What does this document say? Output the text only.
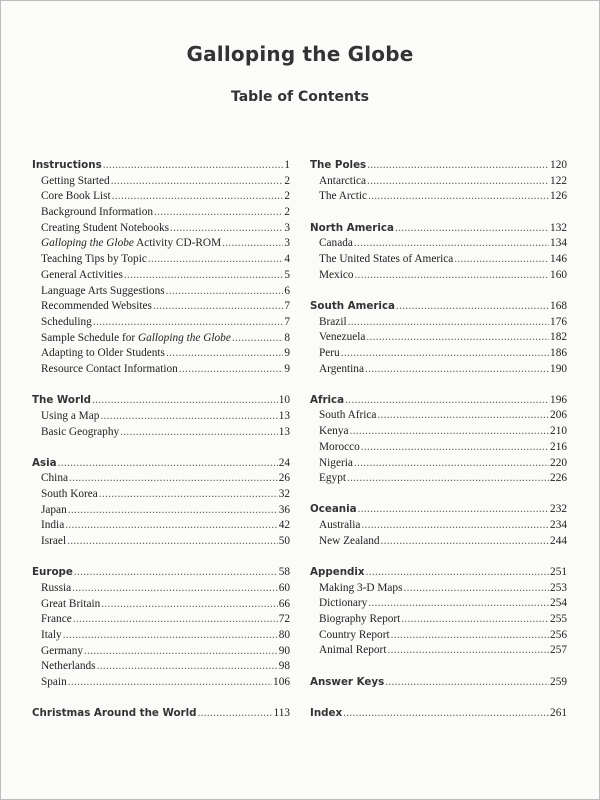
Galloping the Globe
Table of Contents
Instructions .....	1
Getting Started .....	2
Core Book List .....	2
Background Information .....	2
Creating Student Notebooks .....	3
Galloping the Globe Activity CD-ROM .....	3
Teaching Tips by Topic .....	4
General Activities .....	5
Language Arts Suggestions .....	6
Recommended Websites .....	7
Scheduling .....	7
Sample Schedule for Galloping the Globe .....	8
Adapting to Older Students .....	9
Resource Contact Information .....	9
The World .....	10
Using a Map .....	13
Basic Geography .....	13
Asia .....	24
China .....	26
South Korea .....	32
Japan .....	36
India .....	42
Israel .....	50
Europe .....	58
Russia .....	60
Great Britain .....	66
France .....	72
Italy .....	80
Germany .....	90
Netherlands .....	98
Spain .....	106
Christmas Around the World .....	113
The Poles .....	120
Antarctica .....	122
The Arctic .....	126
North America .....	132
Canada .....	134
The United States of America .....	146
Mexico .....	160
South America .....	168
Brazil .....	176
Venezuela .....	182
Peru .....	186
Argentina .....	190
Africa .....	196
South Africa .....	206
Kenya .....	210
Morocco .....	216
Nigeria .....	220
Egypt .....	226
Oceania .....	232
Australia .....	234
New Zealand .....	244
Appendix .....	251
Making 3-D Maps .....	253
Dictionary .....	254
Biography Report .....	255
Country Report .....	256
Animal Report .....	257
Answer Keys .....	259
Index .....	261
